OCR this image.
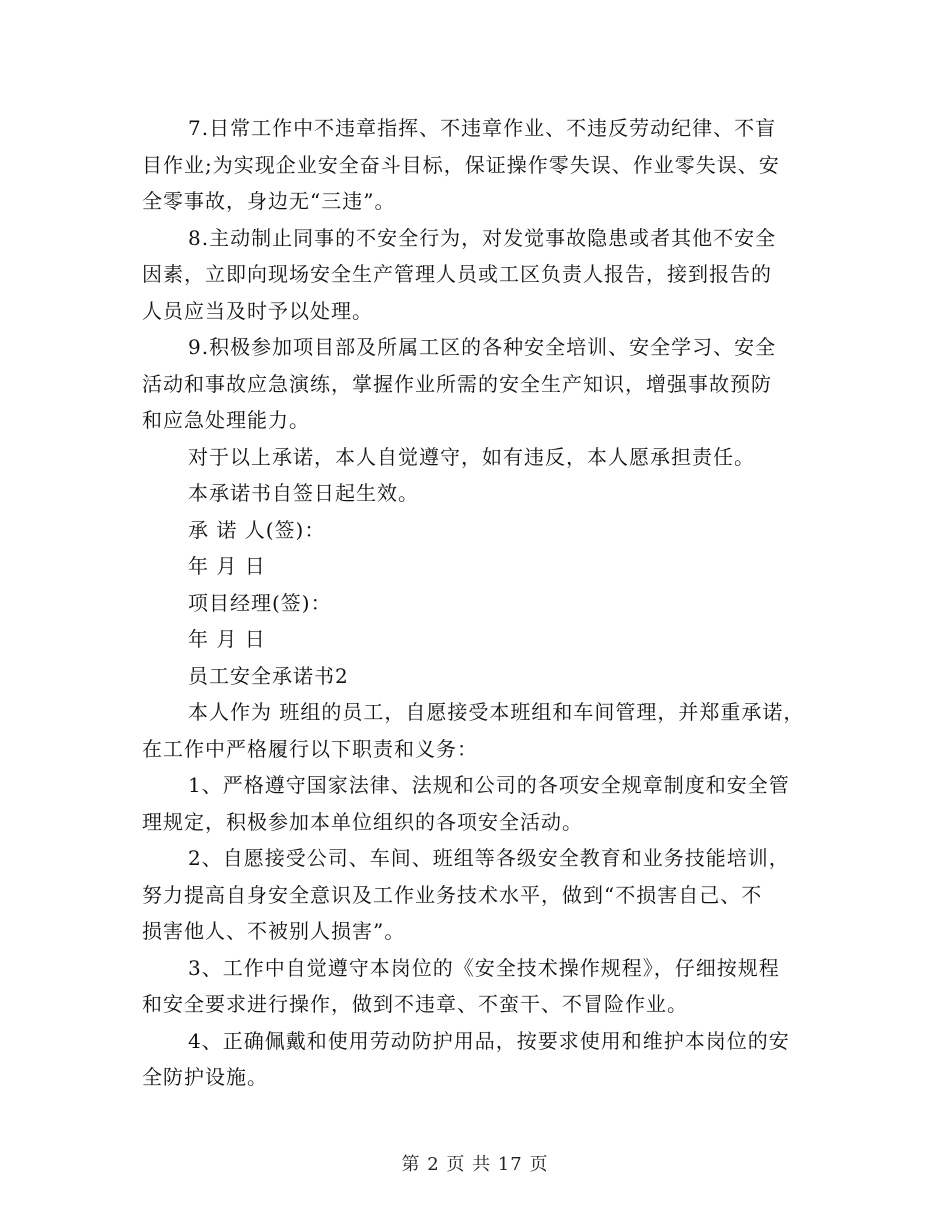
7.日常工作中不违章指挥、不违章作业、不违反劳动纪律、不盲
目作业;为实现企业安全奋斗目标，保证操作零失误、作业零失误、安
全零事故，身边无“三违”。
8.主动制止同事的不安全行为，对发觉事故隐患或者其他不安全
因素，立即向现场安全生产管理人员或工区负责人报告，接到报告的
人员应当及时予以处理。
9.积极参加项目部及所属工区的各种安全培训、安全学习、安全
活动和事故应急演练，掌握作业所需的安全生产知识，增强事故预防
和应急处理能力。
对于以上承诺，本人自觉遵守，如有违反，本人愿承担责任。
本承诺书自签日起生效。
承 诺 人(签)：
年 月 日
项目经理(签)：
年 月 日
员工安全承诺书2
本人作为 班组的员工，自愿接受本班组和车间管理，并郑重承诺，
在工作中严格履行以下职责和义务：
1、严格遵守国家法律、法规和公司的各项安全规章制度和安全管
理规定，积极参加本单位组织的各项安全活动。
2、自愿接受公司、车间、班组等各级安全教育和业务技能培训，
努力提高自身安全意识及工作业务技术水平，做到“不损害自己、不
损害他人、不被别人损害”。
3、工作中自觉遵守本岗位的《安全技术操作规程》，仔细按规程
和安全要求进行操作，做到不违章、不蛮干、不冒险作业。
4、正确佩戴和使用劳动防护用品，按要求使用和维护本岗位的安
全防护设施。
第 2 页 共 17 页
